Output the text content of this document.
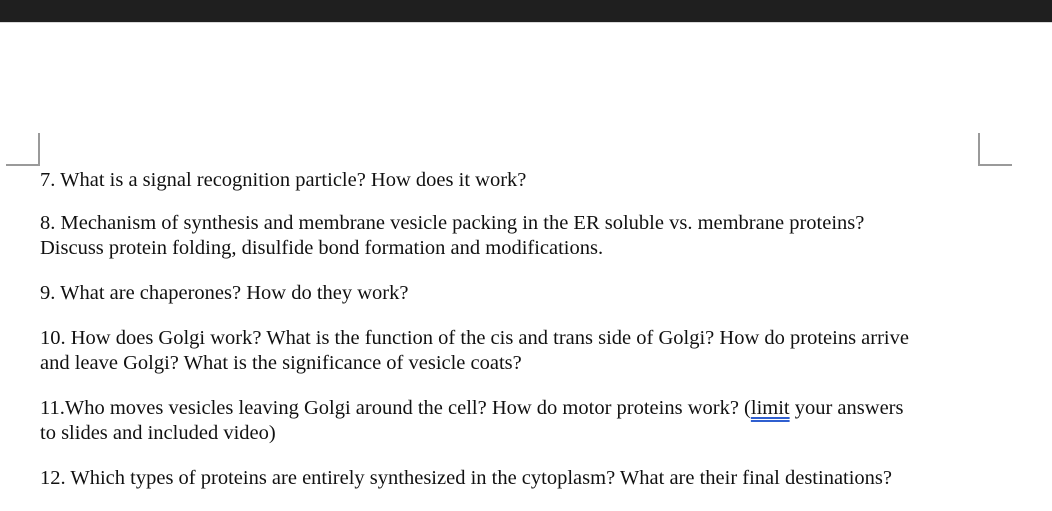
7. What is a signal recognition particle? How does it work?

8. Mechanism of synthesis and membrane vesicle packing in the ER soluble vs. membrane proteins?
Discuss protein folding, disulfide bond formation and modifications.

9. What are chaperones? How do they work?

10. How does Golgi work? What is the function of the cis and trans side of Golgi? How do proteins arrive
and leave Golgi? What is the significance of vesicle coats?

11.Who moves vesicles leaving Golgi around the cell? How do motor proteins work? (limit your answers
to slides and included video)

12. Which types of proteins are entirely synthesized in the cytoplasm? What are their final destinations?
